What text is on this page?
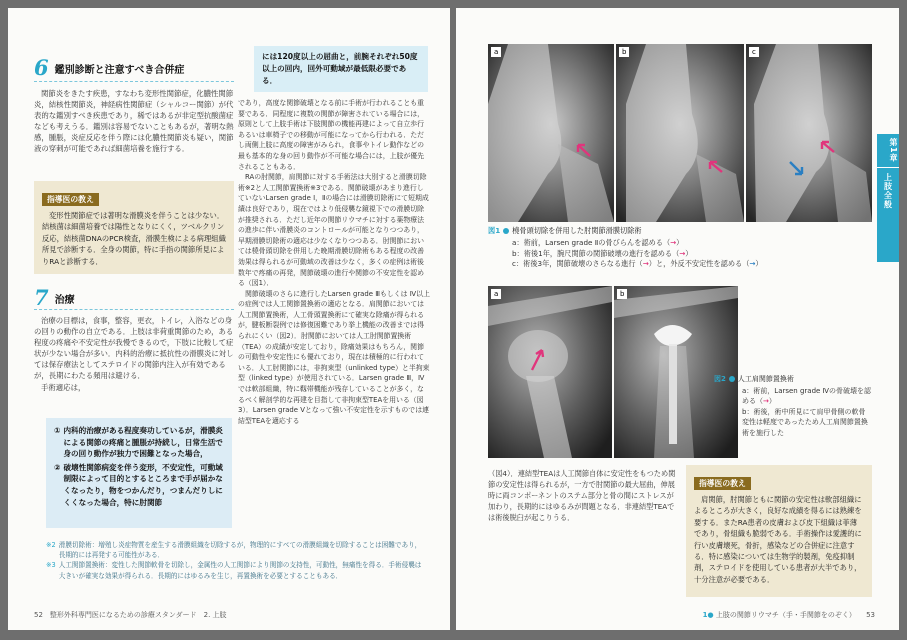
6 鑑別診断と注意すべき合併症

関節炎をきたす疾患，すなわち変形性関節症，化膿性関節炎，結核性関節炎，神経病性関節症（シャルコー関節）が代表的な鑑別すべき疾患であり，稀ではあるが非定型抗酸菌症なども考えうる．鑑別は容易でないこともあるが，著明な熱感，腫脹，炎症反応を伴う際には化膿性関節炎も疑い，関節液の穿刺が可能であれば細菌培養を施行する．

指導医の教え

変形性関節症では著明な滑膜炎を伴うことは少ない．結核菌は細菌培養では陽性となりにくく，ツベルクリン反応，結核菌DNAのPCR検査，滑膜生検による病理組織所見で診断する．全身の関節，特に手指の関節所見によりRAと診断する．

7 治療

治療の目標は，食事，整容，更衣，トイレ，入浴などの身の回りの動作の自立である．上肢は非荷重関節のため，ある程度の疼痛や不安定性が我慢できるので，下肢に比較して症状が少ない場合が多い．内科的治療に抵抗性の滑膜炎に対しては保存療法としてステロイドの関節内注入が有効であるが，長期にわたる頻用は避ける．

手術適応は，

① 内科的治療がある程度奏功しているが，滑膜炎による関節の疼痛と腫脹が持続し，日常生活で身の回り動作が独力で困難となった場合，
② 破壊性関節病変を伴う変形，不安定性，可動域制限によって目的とするところまで手が届かなくなったり，物をつかんだり，つまんだりしにくくなった場合，特に肘関節
には120度以上の屈曲と，前腕それぞれ50度以上の回内，回外可動域が最低限必要である．

であり，高度な関節破壊となる前に手術が行われることも重要である．同程度に複数の関節が障害されている場合には，原則として上肢手術は下肢関節の機能再建によって自立歩行あるいは車椅子での移動が可能になってから行われる．ただし両側上肢に高度の障害がみられ，食事やトイレ動作などの最も基本的な身の回り動作が不可能な場合には，上肢が優先されることもある．

RAの肘関節，肩関節に対する手術法は大別すると滑膜切除術※2と人工関節置換術※3である．関節破壊があまり進行していないLarsen grade Ⅰ，Ⅱの場合には滑膜切除術にて短期成績は良好であり，現在ではより低侵襲な鏡視下での滑膜切除が推奨される．ただし近年の関節リウマチに対する薬物療法の進歩に伴い滑膜炎のコントロールが可能となりつつあり，早期滑膜切除術の適応は少なくなりつつある．肘関節においては橈骨頭切除を併用した晩期滑膜切除術もある程度の改善効果は得られるが可動域の改善は少なく，多くの症例は術後数年で疼痛の再発，関節破壊の進行や関節の不安定性を認める（図1）．

関節破壊のさらに進行したLarsen grade Ⅲもしくは Ⅳ以上の症例では人工関節置換術の適応となる．肩関節においては人工関節置換術，人工骨頭置換術にて確実な除痛が得られるが，腱板断裂例では修復困難であり挙上機能の改善までは得られにくい（図2）．肘関節においては人工肘関節置換術（TEA）の成績が安定しており，除痛効果はもちろん，関節の可動性や安定性にも優れており，現在は積極的に行われている．人工肘関節には，非拘束型（unlinked type）と半拘束型（linked type）が使用されている．Larsen grade Ⅲ，Ⅳでは軟部組織，特に靱帯機能が残存していることが多く，なるべく解剖学的な再建を目指して非拘束型TEAを用いる（図3）．Larsen grade Ⅴとなって強い不安定性を示すものでは連結型TEAを適応する

※2 滑膜切除術：増殖し炎症物質を産生する滑膜組織を切除するが，物理的にすべての滑膜組織を切除することは困難であり，長期的には再発する可能性がある．
※3 人工関節置換術：変性した関節軟骨を切除し，金属性の人工関節により関節の支持性，可動性，無痛性を得る．手術侵襲は大きいが確実な効果が得られる．長期的にはゆるみを生じ，再置換術を必要とすることもある．
52　整形外科専門医になるための診療スタンダード　2. 上肢
a	b	c
図1 橈骨頭切除を併用した肘関節滑膜切除術
a：術前，Larsen grade Ⅱの骨びらんを認める（→）
b：術後1年，腕尺関節の関節破壊の進行を認める（→）
c：術後3年，関節破壊のさらなる進行（→）と，外反不安定性を認める（→）
a	b
図2 人工肩関節置換術
a：術前，Larsen grade Ⅳの骨破壊を認める（→）
b：術後，術中所見にて肩甲骨側の軟骨変性は軽度であったため人工肩関節置換術を施行した

（図4）．連結型TEAは人工関節自体に安定性をもつため関節の安定性は得られるが，一方で肘関節の最大屈曲，伸展時に両コンポーネントのステム部分と骨の間にストレスが加わり，長期的にはゆるみが問題となる．非連結型TEAでは術後脱臼が起こりうる．

指導医の教え

肩関節，肘関節ともに関節の安定性は軟部組織によるところが大きく，良好な成績を得るには熟練を要する．またRA患者の皮膚および皮下組織は菲薄であり，骨組織も脆弱である．手術操作は愛護的に行い皮膚壊死，骨折，感染などの合併症に注意する．特に感染については生物学的製剤，免疫抑制剤，ステロイドを使用している患者が大半であり，十分注意が必要である．

第1章
上肢全般
1● 上肢の関節リウマチ（手・手関節をのぞく） 53
